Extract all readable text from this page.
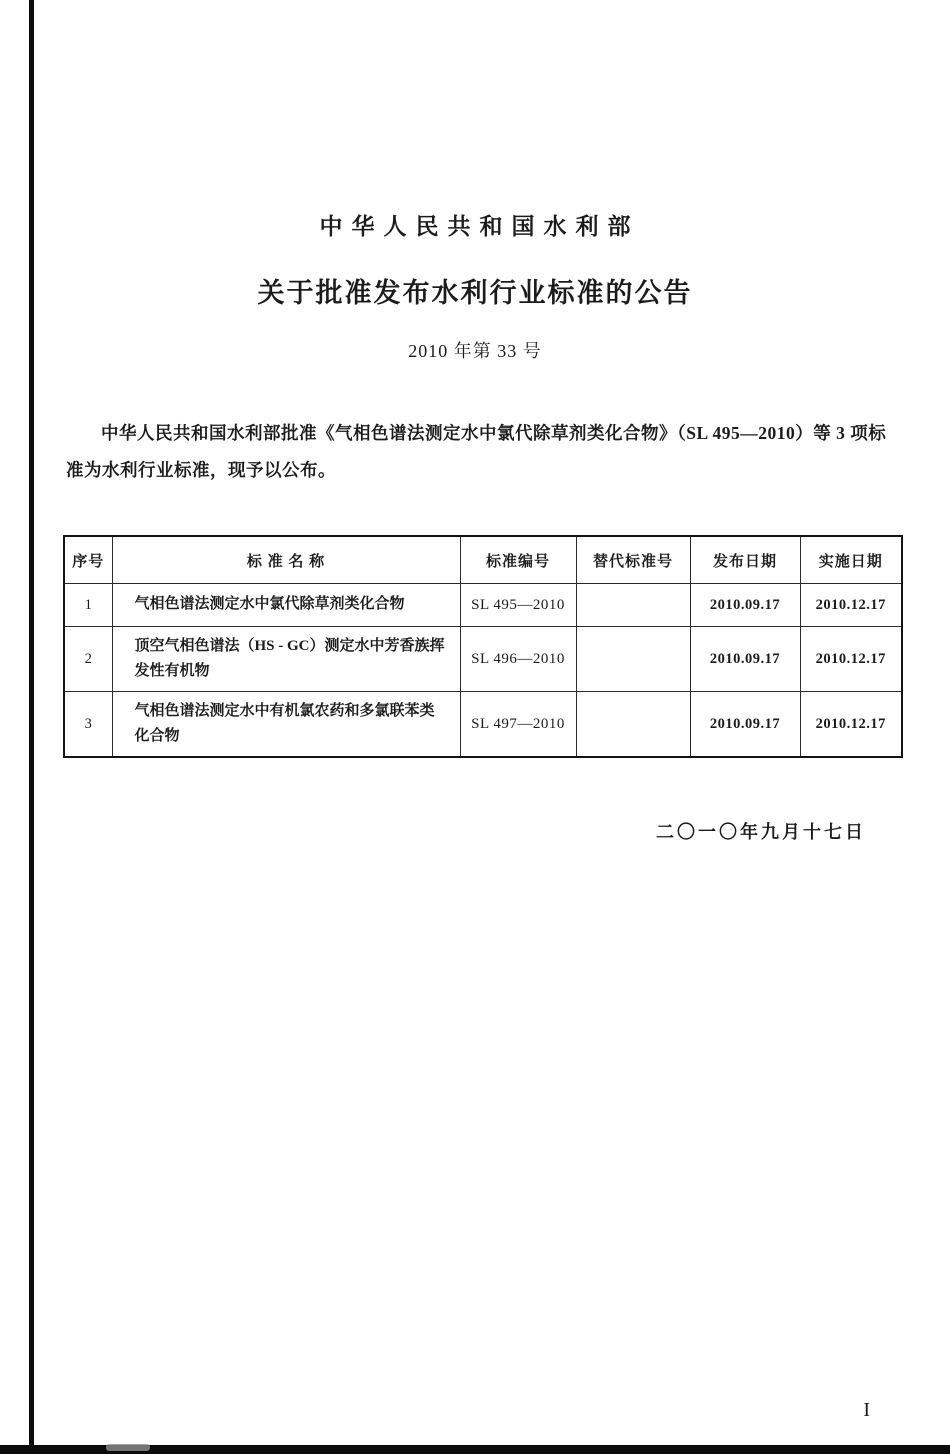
中华人民共和国水利部
关于批准发布水利行业标准的公告
2010 年第 33 号

中华人民共和国水利部批准《气相色谱法测定水中氯代除草剂类化合物》（SL 495—2010）等 3 项标准为水利行业标准，现予以公布。

序号	标 准 名 称	标准编号	替代标准号	发布日期	实施日期
1	气相色谱法测定水中氯代除草剂类化合物	SL 495—2010		2010.09.17	2010.12.17
2	顶空气相色谱法（HS - GC）测定水中芳香族挥发性有机物	SL 496—2010		2010.09.17	2010.12.17
3	气相色谱法测定水中有机氯农药和多氯联苯类化合物	SL 497—2010		2010.09.17	2010.12.17
二〇一〇年九月十七日
I
